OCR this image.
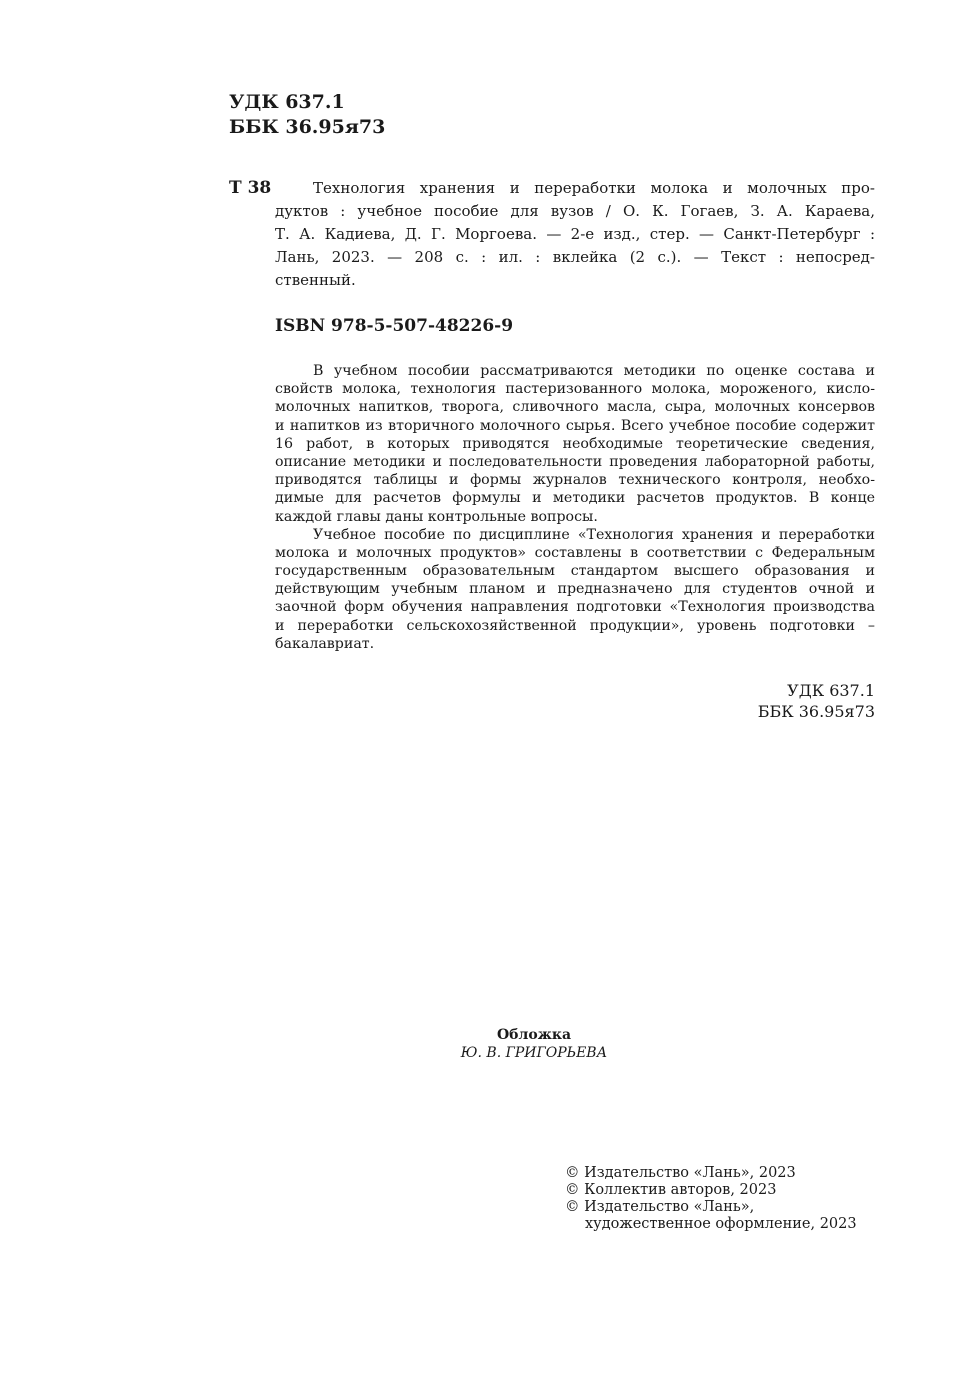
УДК 637.1
ББК 36.95я73
Т 38	Технология хранения и переработки молока и молочных про-
дуктов : учебное пособие для вузов / О. К. Гогаев, З. А. Караева,
Т. А. Кадиева, Д. Г. Моргоева. — 2-е изд., стер. — Санкт-Петербург :
Лань, 2023. — 208 с. : ил. : вклейка (2 с.). — Текст : непосред-
ственный.
ISBN 978-5-507-48226-9
В учебном пособии рассматриваются методики по оценке состава и
свойств молока, технология пастеризованного молока, мороженого, кисло-
молочных напитков, творога, сливочного масла, сыра, молочных консервов
и напитков из вторичного молочного сырья. Всего учебное пособие содержит
16 работ, в которых приводятся необходимые теоретические сведения,
описание методики и последовательности проведения лабораторной работы,
приводятся таблицы и формы журналов технического контроля, необхо-
димые для расчетов формулы и методики расчетов продуктов. В конце
каждой главы даны контрольные вопросы.
Учебное пособие по дисциплине «Технология хранения и переработки
молока и молочных продуктов» составлены в соответствии с Федеральным
государственным образовательным стандартом высшего образования и
действующим учебным планом и предназначено для студентов очной и
заочной форм обучения направления подготовки «Технология производства
и переработки сельскохозяйственной продукции», уровень подготовки –
бакалавриат.
УДК 637.1
ББК 36.95я73
Обложка
Ю. В. ГРИГОРЬЕВА
© Издательство «Лань», 2023
© Коллектив авторов, 2023
© Издательство «Лань»,
художественное оформление, 2023
